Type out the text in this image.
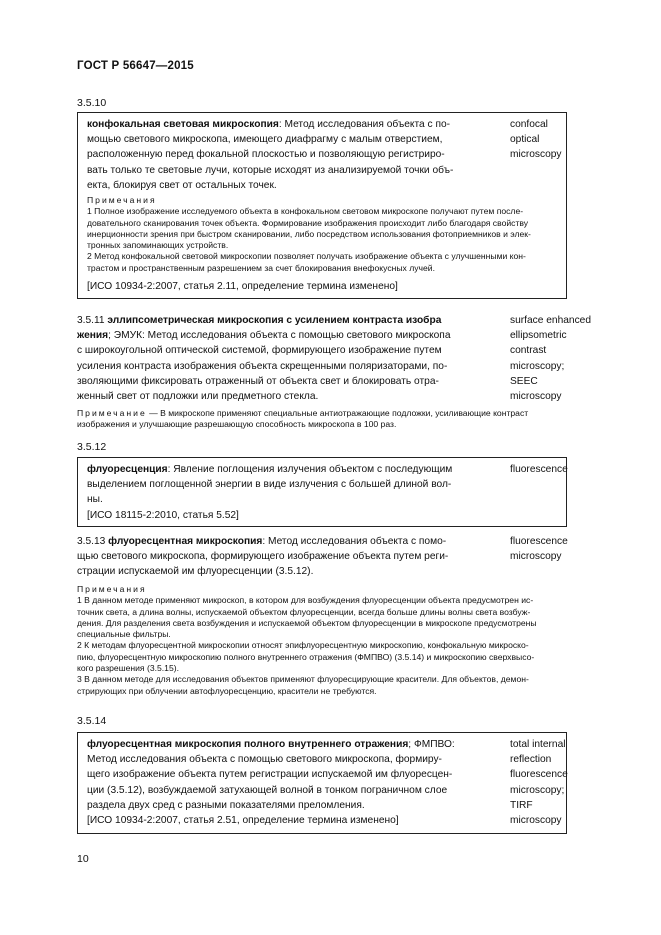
ГОСТ Р 56647—2015
3.5.10

конфокальная световая микроскопия: Метод исследования объекта с по-

мощью светового микроскопа, имеющего диафрагму с малым отверстием,

расположенную перед фокальной плоскостью и позволяющую регистриро-

вать только те световые лучи, которые исходят из анализируемой точки объ-

екта, блокируя свет от остальных точек.

confocal optical

microscopy

Примечания

1 Полное изображение исследуемого объекта в конфокальном световом микроскопе получают путем после-

довательного сканирования точек объекта. Формирование изображения происходит либо благодаря свойству

инерционности зрения при быстром сканировании, либо посредством использования фотоприемников и элек-

тронных запоминающих устройств.

2 Метод конфокальной световой микроскопии позволяет получать изображение объекта с улучшенными кон-

трастом и пространственным разрешением за счет блокирования внефокусных лучей.

[ИСО 10934-2:2007, статья 2.11, определение термина изменено]

3.5.11 эллипсометрическая микроскопия с усилением контраста изобра

жения; ЭМУК: Метод исследования объекта с помощью светового микроскопа

с широкоугольной оптической системой, формирующего изображение путем

усиления контраста изображения объекта скрещенными поляризаторами, по-

зволяющими фиксировать отраженный от объекта свет и блокировать отра-

женный свет от подложки или предметного стекла.

surface enhanced

ellipsometric

contrast

microscopy;

SEEC

microscopy

Примечание — В микроскопе применяют специальные антиотражающие подложки, усиливающие контраст

изображения и улучшающие разрешающую способность микроскопа в 100 раз.

3.5.12

флуоресценция: Явление поглощения излучения объектом с последующим

выделением поглощенной энергии в виде излучения с большей длиной вол-

ны.

[ИСО 18115-2:2010, статья 5.52]

fluorescence

3.5.13 флуоресцентная микроскопия: Метод исследования объекта с помо-

щью светового микроскопа, формирующего изображение объекта путем реги-

страции испускаемой им флуоресценции (3.5.12).

fluorescence

microscopy

Примечания

1 В данном методе применяют микроскоп, в котором для возбуждения флуоресценции объекта предусмотрен ис-

точник света, а длина волны, испускаемой объектом флуоресценции, всегда больше длины волны света возбуж-

дения. Для разделения света возбуждения и испускаемой объектом флуоресценции в микроскопе предусмотрены

специальные фильтры.

2 К методам флуоресцентной микроскопии относят эпифлуоресцентную микроскопию, конфокальную микроско-

пию, флуоресцентную микроскопию полного внутреннего отражения (ФМПВО) (3.5.14) и микроскопию сверхвысо-

кого разрешения (3.5.15).

3 В данном методе для исследования объектов применяют флуоресцирующие красители. Для объектов, демон-

стрирующих при облучении автофлуоресценцию, красители не требуются.

3.5.14

флуоресцентная микроскопия полного внутреннего отражения; ФМПВО:

Метод исследования объекта с помощью светового микроскопа, формиру-

щего изображение объекта путем регистрации испускаемой им флуоресцен-

ции (3.5.12), возбуждаемой затухающей волной в тонком пограничном слое

раздела двух сред с разными показателями преломления.

[ИСО 10934-2:2007, статья 2.51, определение термина изменено]

total internal

reflection

fluorescence

microscopy;

TIRF

microscopy

10
